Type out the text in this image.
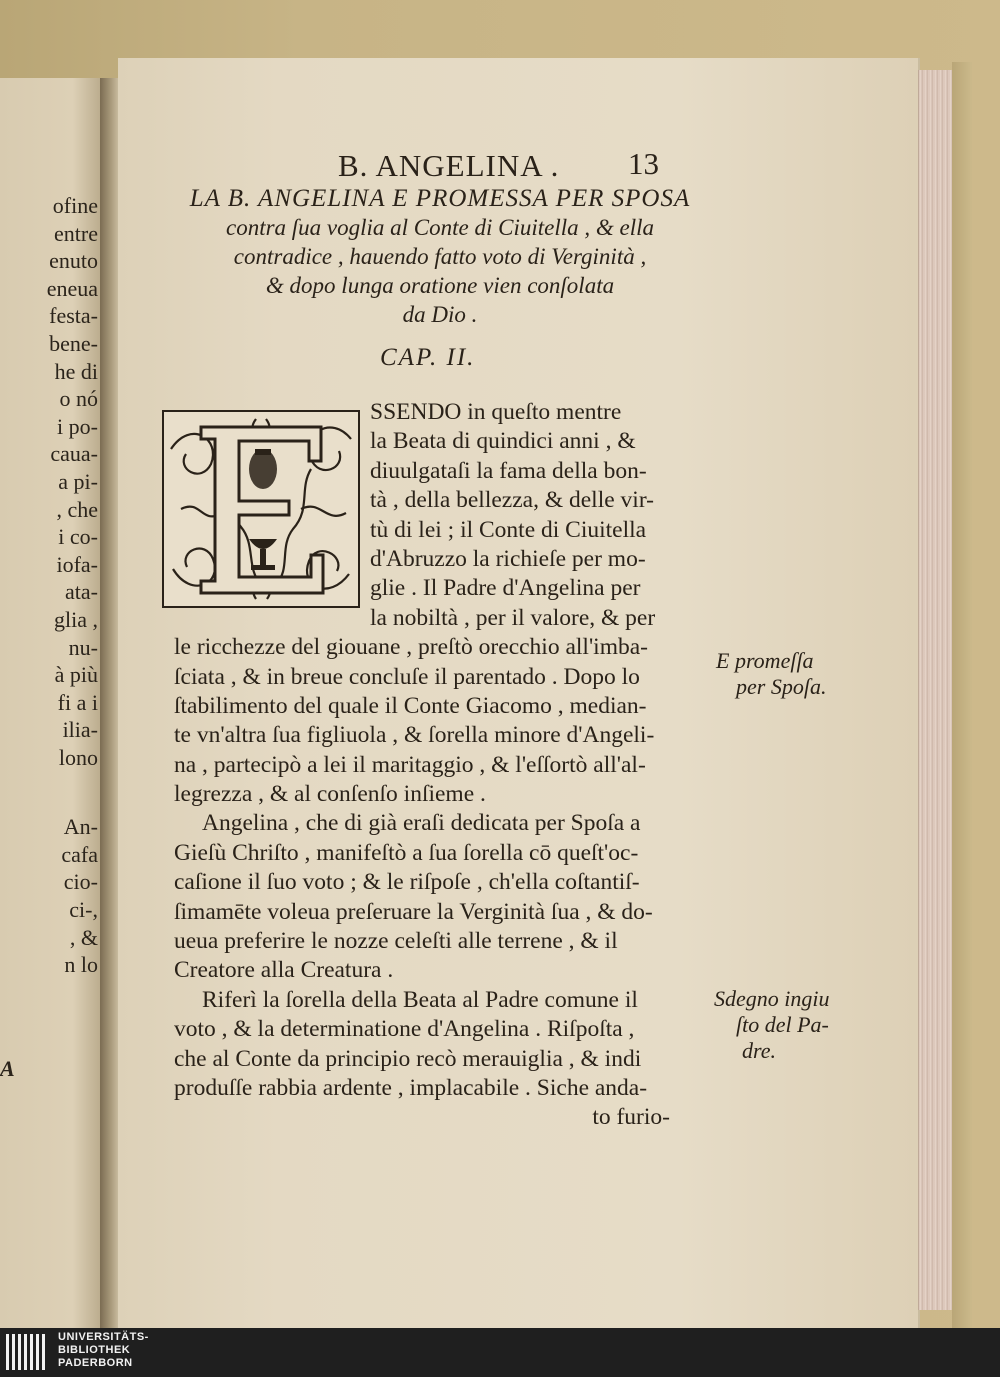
ofine
entre
enuto
eneua
festa-
bene-
he di
o nó
i po-
caua-
a pi-
, che
i co-
iofa-
ata-
glia ,
nu-
à più
fi a i
ilia-
lono
An-
cafa
cio-
ci-,
, &
n lo
A
B. ANGELINA . 13
LA B. ANGELINA E PROMESSA PER SPOSA
contra ſua voglia al Conte di Ciuitella , & ella
contradice , hauendo fatto voto di Verginità ,
& dopo lunga oratione vien conſolata
da Dio .
CAP. II.
SSENDO in queſto mentre
la Beata di quindici anni , &
diuulgataſi la fama della bon-
tà , della bellezza, & delle vir-
tù di lei ; il Conte di Ciuitella
d'Abruzzo la richieſe per mo-
glie . Il Padre d'Angelina per
la nobiltà , per il valore, & per
le ricchezze del giouane , preſtò orecchio all'imba-
ſciata , & in breue concluſe il parentado . Dopo lo
ſtabilimento del quale il Conte Giacomo , median-
te vn'altra ſua figliuola , & ſorella minore d'Angeli-
na , partecipò a lei il maritaggio , & l'eſſortò all'al-
legrezza , & al conſenſo inſieme .
Angelina , che di già eraſi dedicata per Spoſa a
Gieſù Chriſto , manifeſtò a ſua ſorella cō queſt'oc-
caſione il ſuo voto ; & le riſpoſe , ch'ella coſtantiſ-
ſimamēte voleua preſeruare la Verginità ſua , & do-
ueua preferire le nozze celeſti alle terrene , & il
Creatore alla Creatura .
Riferì la ſorella della Beata al Padre comune il
voto , & la determinatione d'Angelina . Riſpoſta ,
che al Conte da principio recò merauiglia , & indi
produſſe rabbia ardente , implacabile . Siche anda-
to furio-
E promeſſa
per Spoſa.
Sdegno ingiu
ſto del Pa-
dre.
UNIVERSITÄTS-
BIBLIOTHEK
PADERBORN
